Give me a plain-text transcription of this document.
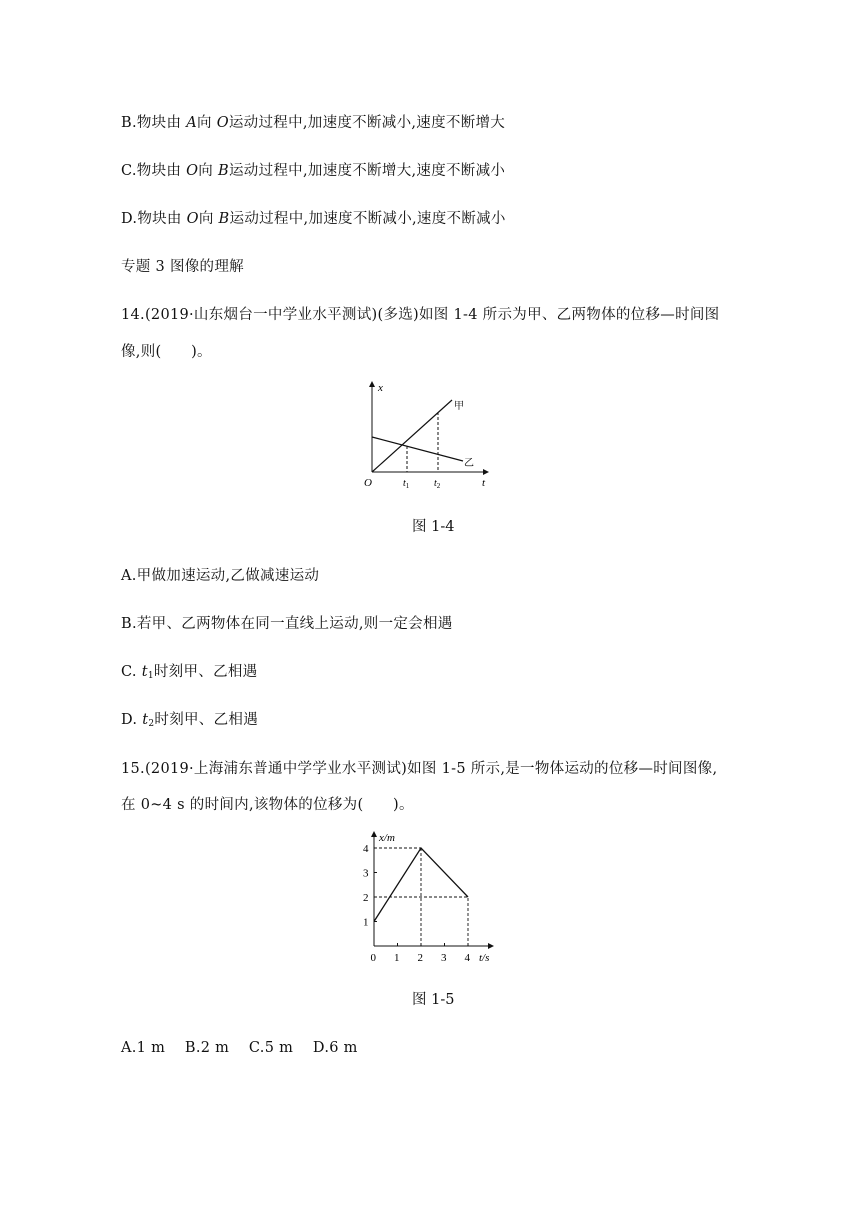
B.物块由 A向 O运动过程中,加速度不断减小,速度不断增大
C.物块由 O向 B运动过程中,加速度不断增大,速度不断减小
D.物块由 O向 B运动过程中,加速度不断减小,速度不断减小
专题 3 图像的理解
14.(2019·山东烟台一中学业水平测试)(多选)如图 1-4 所示为甲、乙两物体的位移—时间图
像,则(　　)。
x
t
O	$t_1$ $t_2$
甲
乙
图 1-4
A.甲做加速运动,乙做减速运动
B.若甲、乙两物体在同一直线上运动,则一定会相遇
C. $t_1$时刻甲、乙相遇
D. $t_2$时刻甲、乙相遇
15.(2019·上海浦东普通中学学业水平测试)如图 1-5 所示,是一物体运动的位移—时间图像,
在 0~4 s 的时间内,该物体的位移为(　　)。
0 1 2 3 4
1
2
3
4
x/m
t/s
图 1-5
A.1 m　 B.2 m　 C.5 m　 D.6 m
